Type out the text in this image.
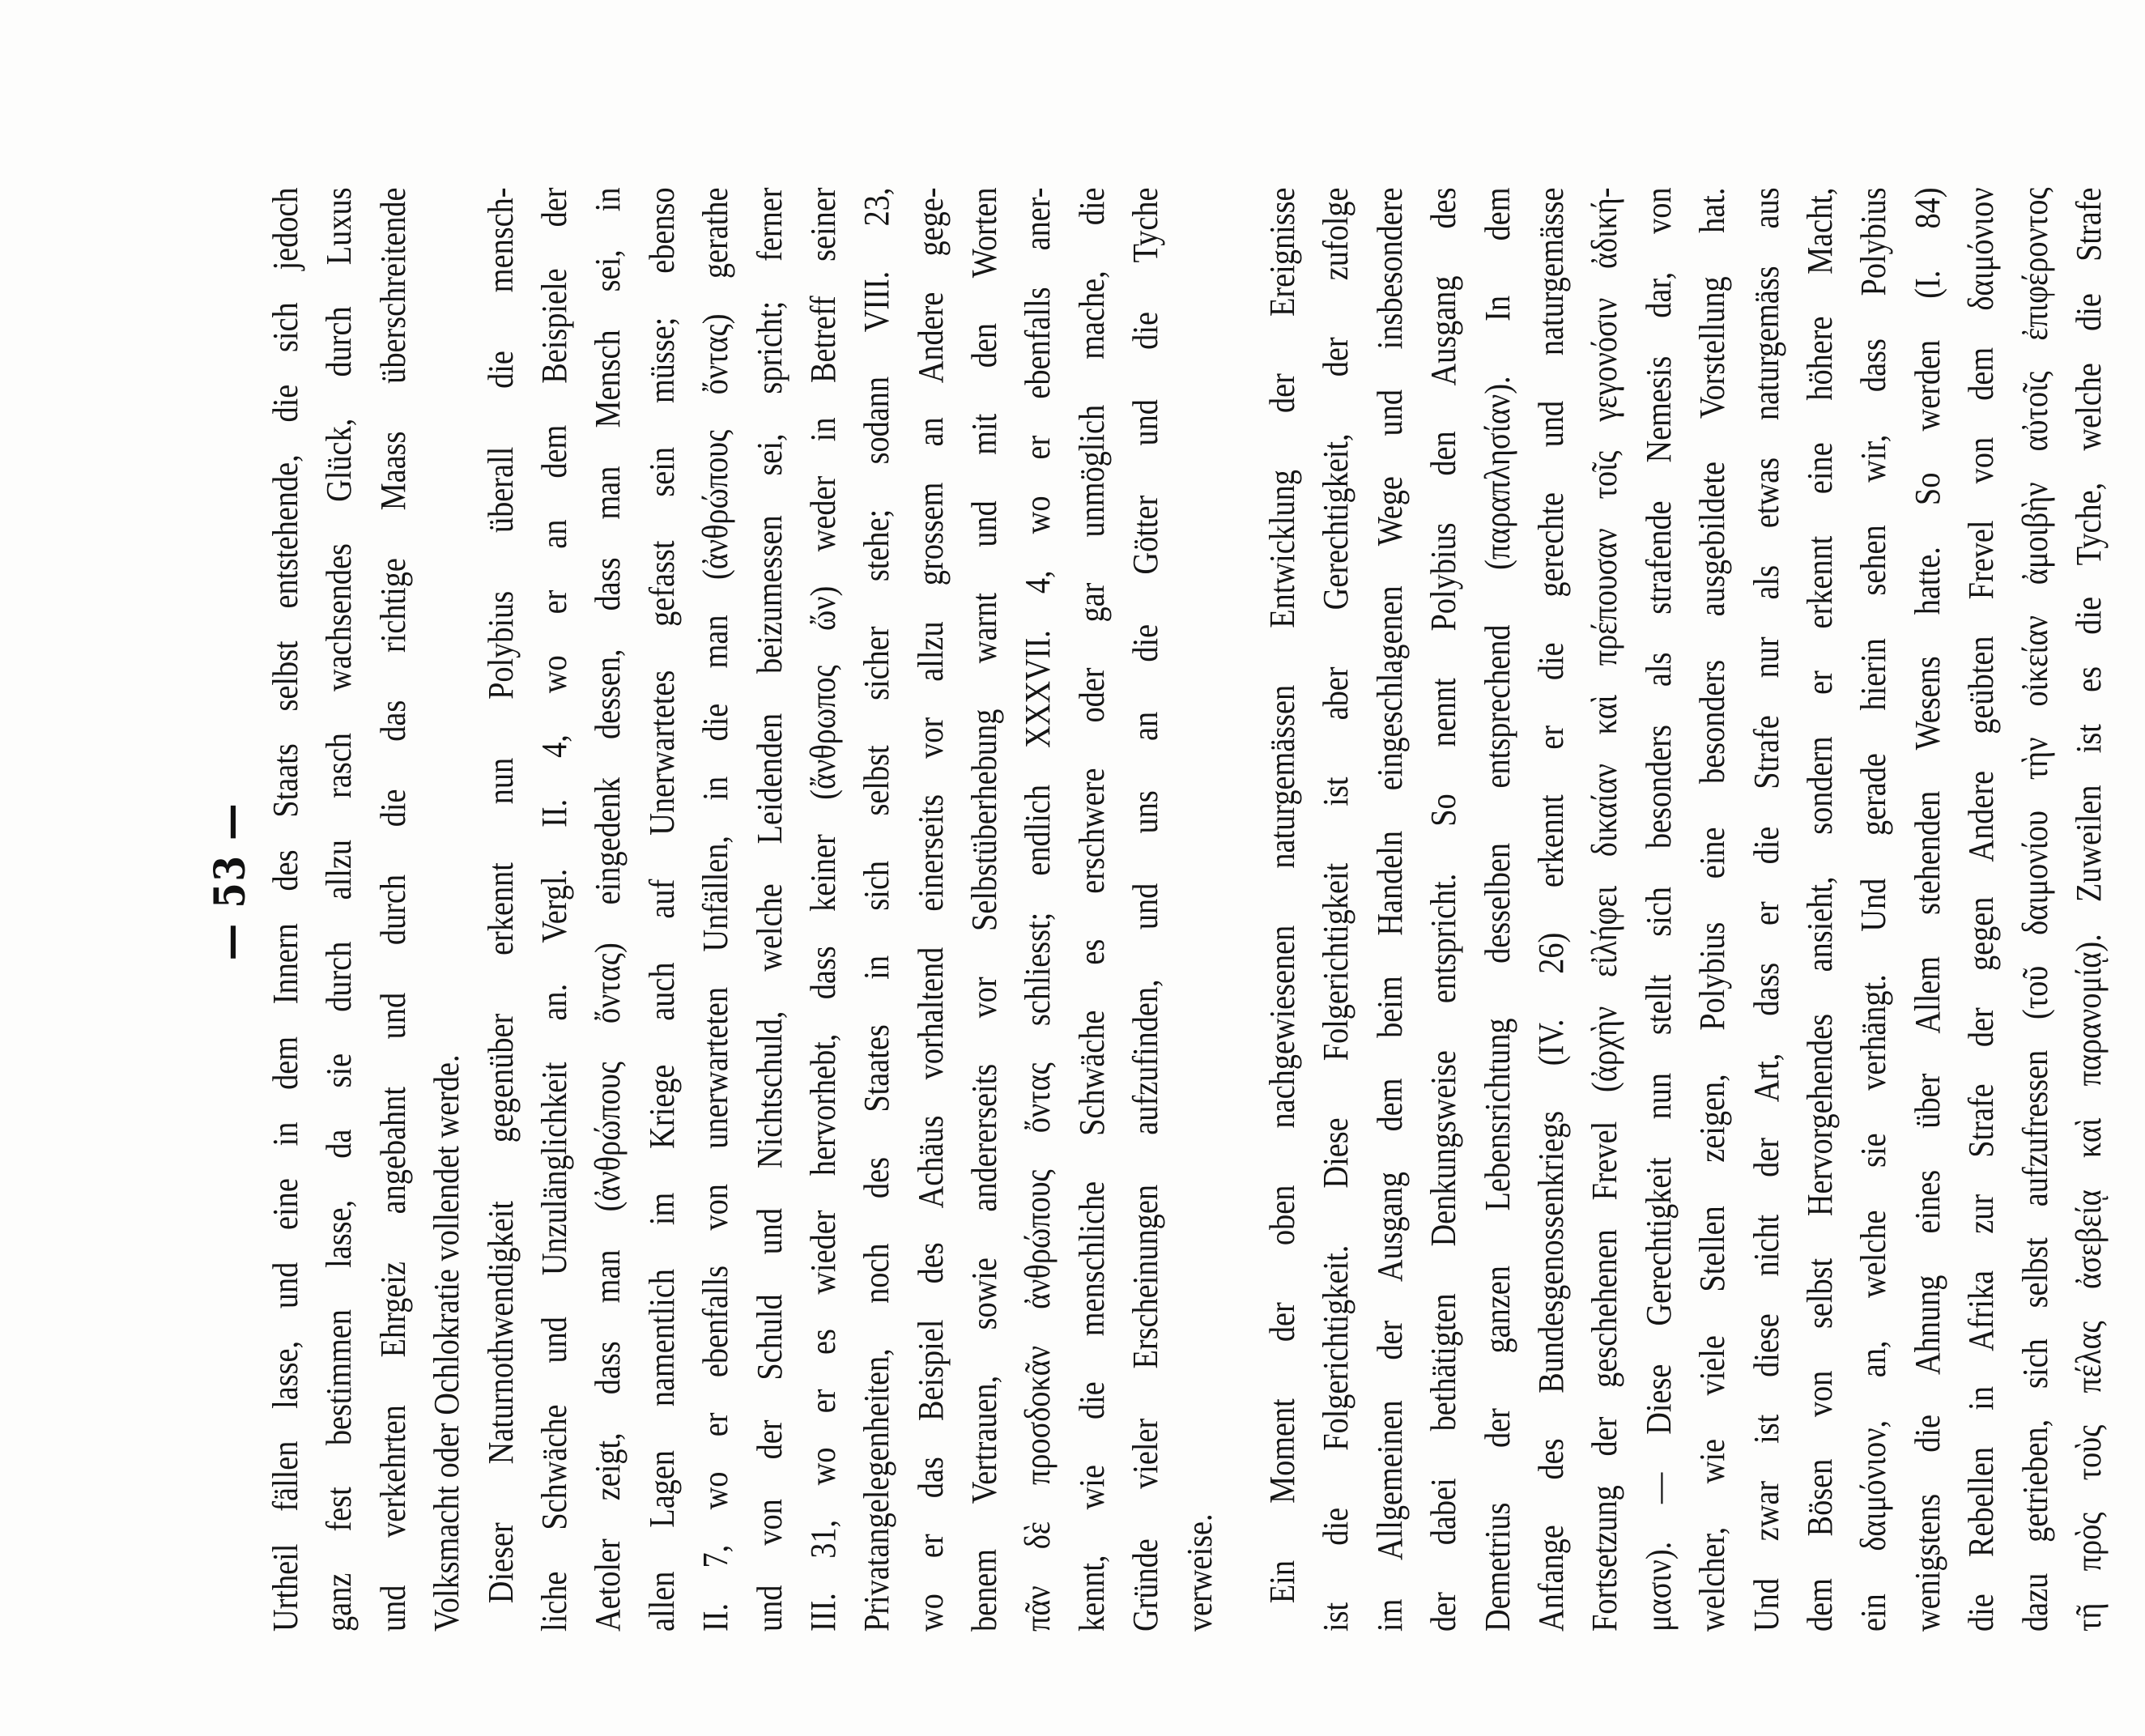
— 53 — Urtheil fällen lasse, und eine in dem Innern des Staats selbst entstehende, die sich jedoch ganz fest bestimmen lasse, da sie durch allzu rasch wachsendes Glück, durch Luxus und verkehrten Ehrgeiz angebahnt und durch die das richtige Maass überschreitende Volksmacht oder Ochlokratie vollendet werde. Dieser Naturnothwendigkeit gegenüber erkennt nun Polybius überall die mensch- liche Schwäche und Unzulänglichkeit an. Vergl. II. 4, wo er an dem Beispiele der Aetoler zeigt, dass man (ἀνθρώπους ὄντας) eingedenk dessen, dass man Mensch sei, in allen Lagen namentlich im Kriege auch auf Unerwartetes gefasst sein müsse; ebenso II. 7, wo er ebenfalls von unerwarteten Unfällen, in die man (ἀνθρώπους ὄντας) gerathe und von der Schuld und Nichtschuld, welche Leidenden beizumessen sei, spricht; ferner III. 31, wo er es wieder hervorhebt, dass keiner (ἄνθρωπος ὤν) weder in Betreff seiner Privatangelegenheiten, noch des Staates in sich selbst sicher stehe; sodann VIII. 23, wo er das Beispiel des Achäus vorhaltend einerseits vor allzu grossem an Andere gege- benem Vertrauen, sowie andererseits vor Selbstüberhebung warnt und mit den Worten πᾶν δὲ προσδοκᾶν ἀνθρώπους ὄντας schliesst; endlich XXXVII. 4, wo er ebenfalls aner- kennt, wie die menschliche Schwäche es erschwere oder gar unmöglich mache, die Gründe vieler Erscheinungen aufzufinden, und uns an die Götter und die Tyche verweise. Ein Moment der oben nachgewiesenen naturgemässen Entwicklung der Ereignisse ist die Folgerichtigkeit. Diese Folgerichtigkeit ist aber Gerechtigkeit, der zufolge im Allgemeinen der Ausgang dem beim Handeln eingeschlagenen Wege und insbesondere der dabei bethätigten Denkungsweise entspricht. So nennt Polybius den Ausgang des Demetrius der ganzen Lebensrichtung desselben entsprechend (παραπλησίαν). In dem Anfange des Bundesgenossenkriegs (IV. 26) erkennt er die gerechte und naturgemässe Fortsetzung der geschehenen Frevel (ἀρχὴν εἰλήφει δικαίαν καὶ πρέπουσαν τοῖς γεγονόσιν ἀδική- μασιν). — Diese Gerechtigkeit nun stellt sich besonders als strafende Nemesis dar, von welcher, wie viele Stellen zeigen, Polybius eine besonders ausgebildete Vorstellung hat. Und zwar ist diese nicht der Art, dass er die Strafe nur als etwas naturgemäss aus dem Bösen von selbst Hervorgehendes ansieht, sondern er erkennt eine höhere Macht, ein δαιμόνιον, an, welche sie verhängt. Und gerade hierin sehen wir, dass Polybius wenigstens die Ahnung eines über Allem stehenden Wesens hatte. So werden (I. 84) die Rebellen in Afrika zur Strafe der gegen Andere geübten Frevel von dem δαιμόνιον dazu getrieben, sich selbst aufzufressen (τοῦ δαιμονίου τὴν οἰκείαν ἀμοιβὴν αὐτοῖς ἐπιφέροντος τῆ πρὸς τοὺς πέλας ἀσεβείᾳ καὶ παρανομίᾳ). Zuweilen ist es die Tyche, welche die Strafe
